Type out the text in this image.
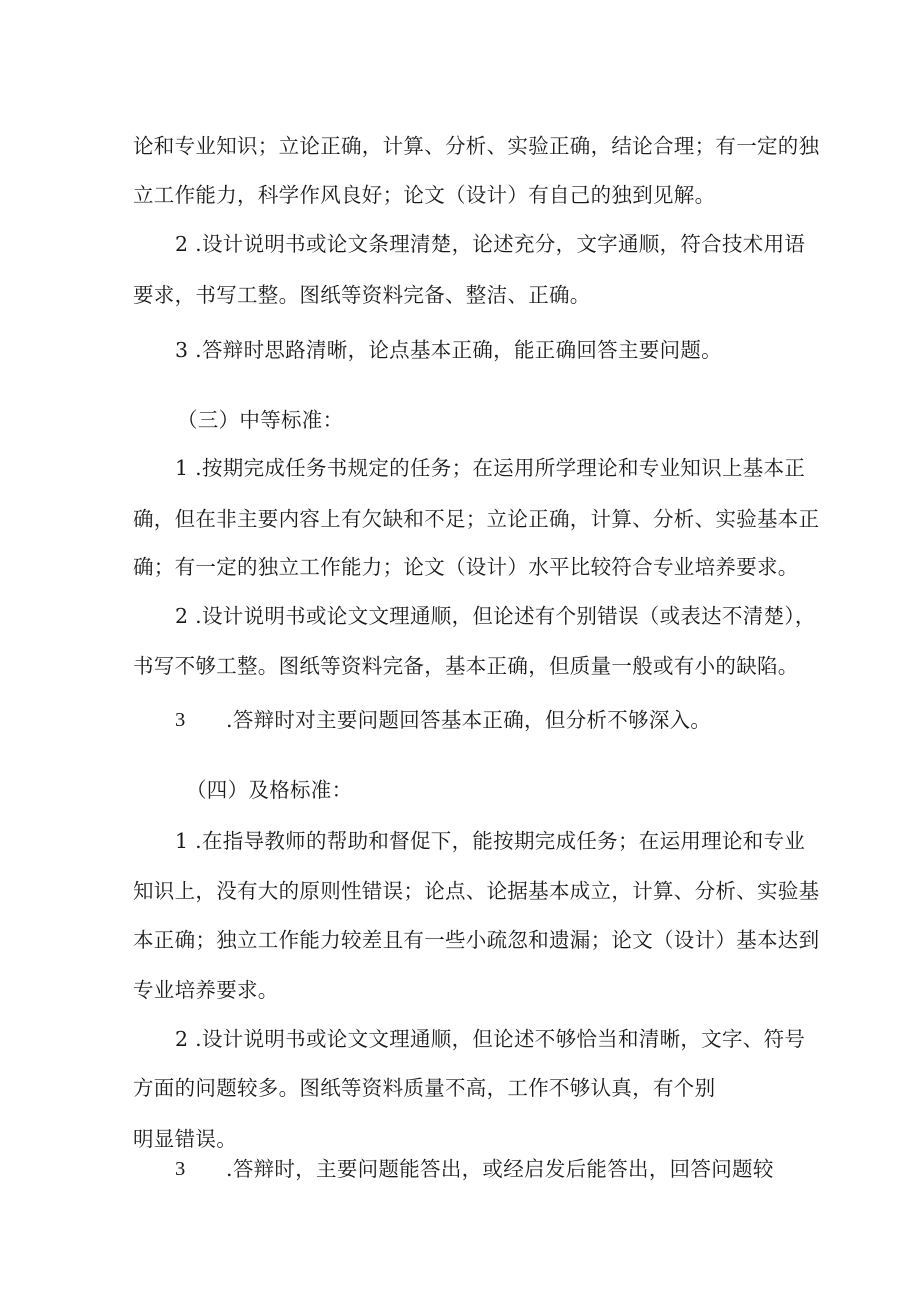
论和专业知识；立论正确，计算、分析、实验正确，结论合理；有一定的独
立工作能力，科学作风良好；论文（设计）有自己的独到见解。
2 .设计说明书或论文条理清楚，论述充分，文字通顺，符合技术用语
要求，书写工整。图纸等资料完备、整洁、正确。
3 .答辩时思路清晰，论点基本正确，能正确回答主要问题。
（三）中等标准：
1 .按期完成任务书规定的任务；在运用所学理论和专业知识上基本正
确，但在非主要内容上有欠缺和不足；立论正确，计算、分析、实验基本正
确；有一定的独立工作能力；论文（设计）水平比较符合专业培养要求。
2 .设计说明书或论文文理通顺，但论述有个别错误（或表达不清楚），
书写不够工整。图纸等资料完备，基本正确，但质量一般或有小的缺陷。
3 .答辩时对主要问题回答基本正确，但分析不够深入。
（四）及格标准：
1 .在指导教师的帮助和督促下，能按期完成任务；在运用理论和专业
知识上，没有大的原则性错误；论点、论据基本成立，计算、分析、实验基
本正确；独立工作能力较差且有一些小疏忽和遗漏；论文（设计）基本达到
专业培养要求。
2 .设计说明书或论文文理通顺，但论述不够恰当和清晰，文字、符号
方面的问题较多。图纸等资料质量不高，工作不够认真，有个别
明显错误。
3 .答辩时，主要问题能答出，或经启发后能答出，回答问题较
